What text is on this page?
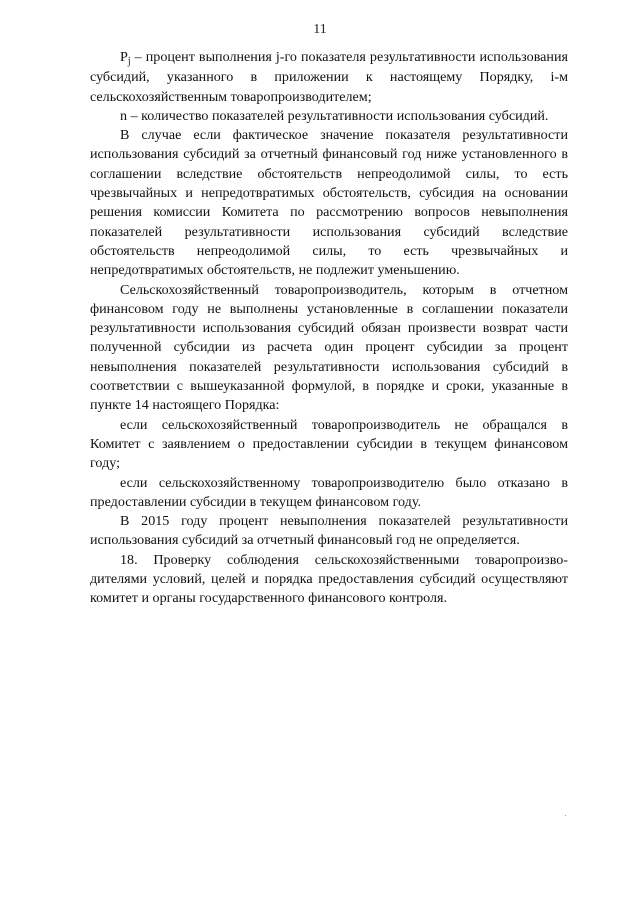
11

$P_j$ – процент выполнения j-го показателя результативности использования субсидий, указанного в приложении к настоящему Порядку, i-м сельскохозяйственным товаропроизводителем;

n – количество показателей результативности использования субсидий.

В случае если фактическое значение показателя результативности использования субсидий за отчетный финансовый год ниже установленного в соглашении вследствие обстоятельств непреодолимой силы, то есть чрезвычайных и непредотвратимых обстоятельств, субсидия на основании решения комиссии Комитета по рассмотрению вопросов невыполнения показателей результативности использования субсидий вследствие обстоятельств непреодолимой силы, то есть чрезвычайных и непредотвратимых обстоятельств, не подлежит уменьшению.

Сельскохозяйственный товаропроизводитель, которым в отчетном финансовом году не выполнены установленные в соглашении показатели результативности использования субсидий обязан произвести возврат части полученной субсидии из расчета один процент субсидии за процент невыполнения показателей результативности использования субсидий в соответствии с вышеуказанной формулой, в порядке и сроки, указанные в пункте 14 настоящего Порядка:

если сельскохозяйственный товаропроизводитель не обращался в Комитет с заявлением о предоставлении субсидии в текущем финансовом году;

если сельскохозяйственному товаропроизводителю было отказано в предоставлении субсидии в текущем финансовом году.

В 2015 году процент невыполнения показателей результативности использования субсидий за отчетный финансовый год не определяется.

18. Проверку соблюдения сельскохозяйственными товаропроизво-дителями условий, целей и порядка предоставления субсидий осуществляют комитет и органы государственного финансового контроля.
